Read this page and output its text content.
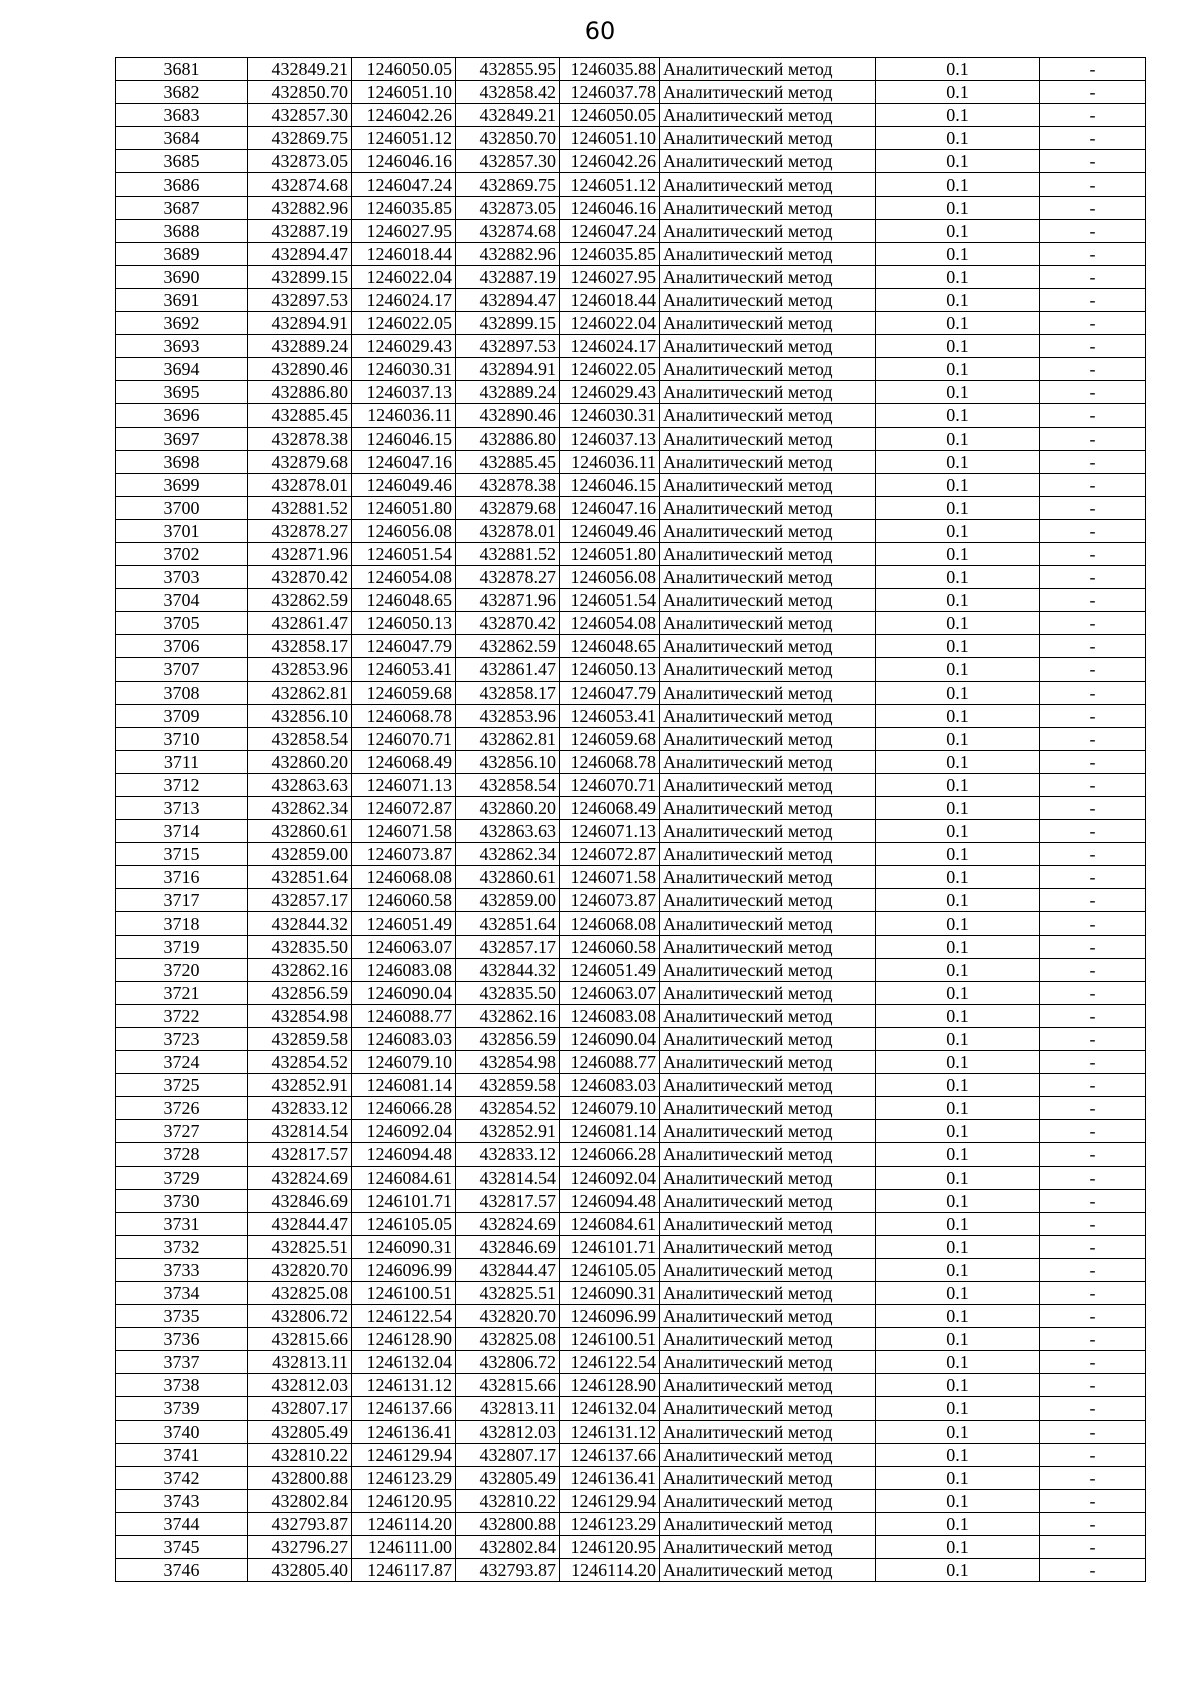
60
3681	432849.21	1246050.05	432855.95	1246035.88	Аналитический метод	0.1	-
3682	432850.70	1246051.10	432858.42	1246037.78	Аналитический метод	0.1	-
3683	432857.30	1246042.26	432849.21	1246050.05	Аналитический метод	0.1	-
3684	432869.75	1246051.12	432850.70	1246051.10	Аналитический метод	0.1	-
3685	432873.05	1246046.16	432857.30	1246042.26	Аналитический метод	0.1	-
3686	432874.68	1246047.24	432869.75	1246051.12	Аналитический метод	0.1	-
3687	432882.96	1246035.85	432873.05	1246046.16	Аналитический метод	0.1	-
3688	432887.19	1246027.95	432874.68	1246047.24	Аналитический метод	0.1	-
3689	432894.47	1246018.44	432882.96	1246035.85	Аналитический метод	0.1	-
3690	432899.15	1246022.04	432887.19	1246027.95	Аналитический метод	0.1	-
3691	432897.53	1246024.17	432894.47	1246018.44	Аналитический метод	0.1	-
3692	432894.91	1246022.05	432899.15	1246022.04	Аналитический метод	0.1	-
3693	432889.24	1246029.43	432897.53	1246024.17	Аналитический метод	0.1	-
3694	432890.46	1246030.31	432894.91	1246022.05	Аналитический метод	0.1	-
3695	432886.80	1246037.13	432889.24	1246029.43	Аналитический метод	0.1	-
3696	432885.45	1246036.11	432890.46	1246030.31	Аналитический метод	0.1	-
3697	432878.38	1246046.15	432886.80	1246037.13	Аналитический метод	0.1	-
3698	432879.68	1246047.16	432885.45	1246036.11	Аналитический метод	0.1	-
3699	432878.01	1246049.46	432878.38	1246046.15	Аналитический метод	0.1	-
3700	432881.52	1246051.80	432879.68	1246047.16	Аналитический метод	0.1	-
3701	432878.27	1246056.08	432878.01	1246049.46	Аналитический метод	0.1	-
3702	432871.96	1246051.54	432881.52	1246051.80	Аналитический метод	0.1	-
3703	432870.42	1246054.08	432878.27	1246056.08	Аналитический метод	0.1	-
3704	432862.59	1246048.65	432871.96	1246051.54	Аналитический метод	0.1	-
3705	432861.47	1246050.13	432870.42	1246054.08	Аналитический метод	0.1	-
3706	432858.17	1246047.79	432862.59	1246048.65	Аналитический метод	0.1	-
3707	432853.96	1246053.41	432861.47	1246050.13	Аналитический метод	0.1	-
3708	432862.81	1246059.68	432858.17	1246047.79	Аналитический метод	0.1	-
3709	432856.10	1246068.78	432853.96	1246053.41	Аналитический метод	0.1	-
3710	432858.54	1246070.71	432862.81	1246059.68	Аналитический метод	0.1	-
3711	432860.20	1246068.49	432856.10	1246068.78	Аналитический метод	0.1	-
3712	432863.63	1246071.13	432858.54	1246070.71	Аналитический метод	0.1	-
3713	432862.34	1246072.87	432860.20	1246068.49	Аналитический метод	0.1	-
3714	432860.61	1246071.58	432863.63	1246071.13	Аналитический метод	0.1	-
3715	432859.00	1246073.87	432862.34	1246072.87	Аналитический метод	0.1	-
3716	432851.64	1246068.08	432860.61	1246071.58	Аналитический метод	0.1	-
3717	432857.17	1246060.58	432859.00	1246073.87	Аналитический метод	0.1	-
3718	432844.32	1246051.49	432851.64	1246068.08	Аналитический метод	0.1	-
3719	432835.50	1246063.07	432857.17	1246060.58	Аналитический метод	0.1	-
3720	432862.16	1246083.08	432844.32	1246051.49	Аналитический метод	0.1	-
3721	432856.59	1246090.04	432835.50	1246063.07	Аналитический метод	0.1	-
3722	432854.98	1246088.77	432862.16	1246083.08	Аналитический метод	0.1	-
3723	432859.58	1246083.03	432856.59	1246090.04	Аналитический метод	0.1	-
3724	432854.52	1246079.10	432854.98	1246088.77	Аналитический метод	0.1	-
3725	432852.91	1246081.14	432859.58	1246083.03	Аналитический метод	0.1	-
3726	432833.12	1246066.28	432854.52	1246079.10	Аналитический метод	0.1	-
3727	432814.54	1246092.04	432852.91	1246081.14	Аналитический метод	0.1	-
3728	432817.57	1246094.48	432833.12	1246066.28	Аналитический метод	0.1	-
3729	432824.69	1246084.61	432814.54	1246092.04	Аналитический метод	0.1	-
3730	432846.69	1246101.71	432817.57	1246094.48	Аналитический метод	0.1	-
3731	432844.47	1246105.05	432824.69	1246084.61	Аналитический метод	0.1	-
3732	432825.51	1246090.31	432846.69	1246101.71	Аналитический метод	0.1	-
3733	432820.70	1246096.99	432844.47	1246105.05	Аналитический метод	0.1	-
3734	432825.08	1246100.51	432825.51	1246090.31	Аналитический метод	0.1	-
3735	432806.72	1246122.54	432820.70	1246096.99	Аналитический метод	0.1	-
3736	432815.66	1246128.90	432825.08	1246100.51	Аналитический метод	0.1	-
3737	432813.11	1246132.04	432806.72	1246122.54	Аналитический метод	0.1	-
3738	432812.03	1246131.12	432815.66	1246128.90	Аналитический метод	0.1	-
3739	432807.17	1246137.66	432813.11	1246132.04	Аналитический метод	0.1	-
3740	432805.49	1246136.41	432812.03	1246131.12	Аналитический метод	0.1	-
3741	432810.22	1246129.94	432807.17	1246137.66	Аналитический метод	0.1	-
3742	432800.88	1246123.29	432805.49	1246136.41	Аналитический метод	0.1	-
3743	432802.84	1246120.95	432810.22	1246129.94	Аналитический метод	0.1	-
3744	432793.87	1246114.20	432800.88	1246123.29	Аналитический метод	0.1	-
3745	432796.27	1246111.00	432802.84	1246120.95	Аналитический метод	0.1	-
3746	432805.40	1246117.87	432793.87	1246114.20	Аналитический метод	0.1	-
